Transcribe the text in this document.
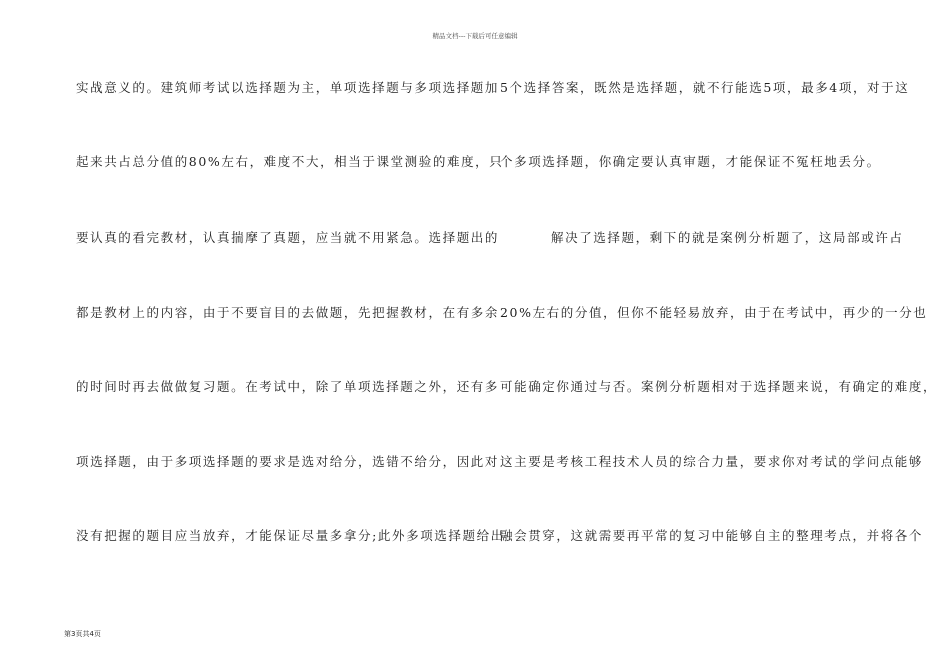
精品文档---下载后可任意编辑
实战意义的。建筑师考试以选择题为主，单项选择题与多项选择题加
起来共占总分值的80%左右，难度不大，相当于课堂测验的难度，只
要认真的看完教材，认真揣摩了真题，应当就不用紧急。选择题出的
都是教材上的内容，由于不要盲目的去做题，先把握教材，在有多余
的时间时再去做做复习题。在考试中，除了单项选择题之外，还有多
项选择题，由于多项选择题的要求是选对给分，选错不给分，因此对
没有把握的题目应当放弃，才能保证尽量多拿分;此外多项选择题给出
5个选择答案，既然是选择题，就不行能选5项，最多4项，对于这
个多项选择题，你确定要认真审题，才能保证不冤枉地丢分。
解决了选择题，剩下的就是案例分析题了，这局部或许占
20%左右的分值，但你不能轻易放弃，由于在考试中，再少的一分也
可能确定你通过与否。案例分析题相对于选择题来说，有确定的难度，
这主要是考核工程技术人员的综合力量，要求你对考试的学问点能够
融会贯穿，这就需要再平常的复习中能够自主的整理考点，并将各个
第3页共4页
